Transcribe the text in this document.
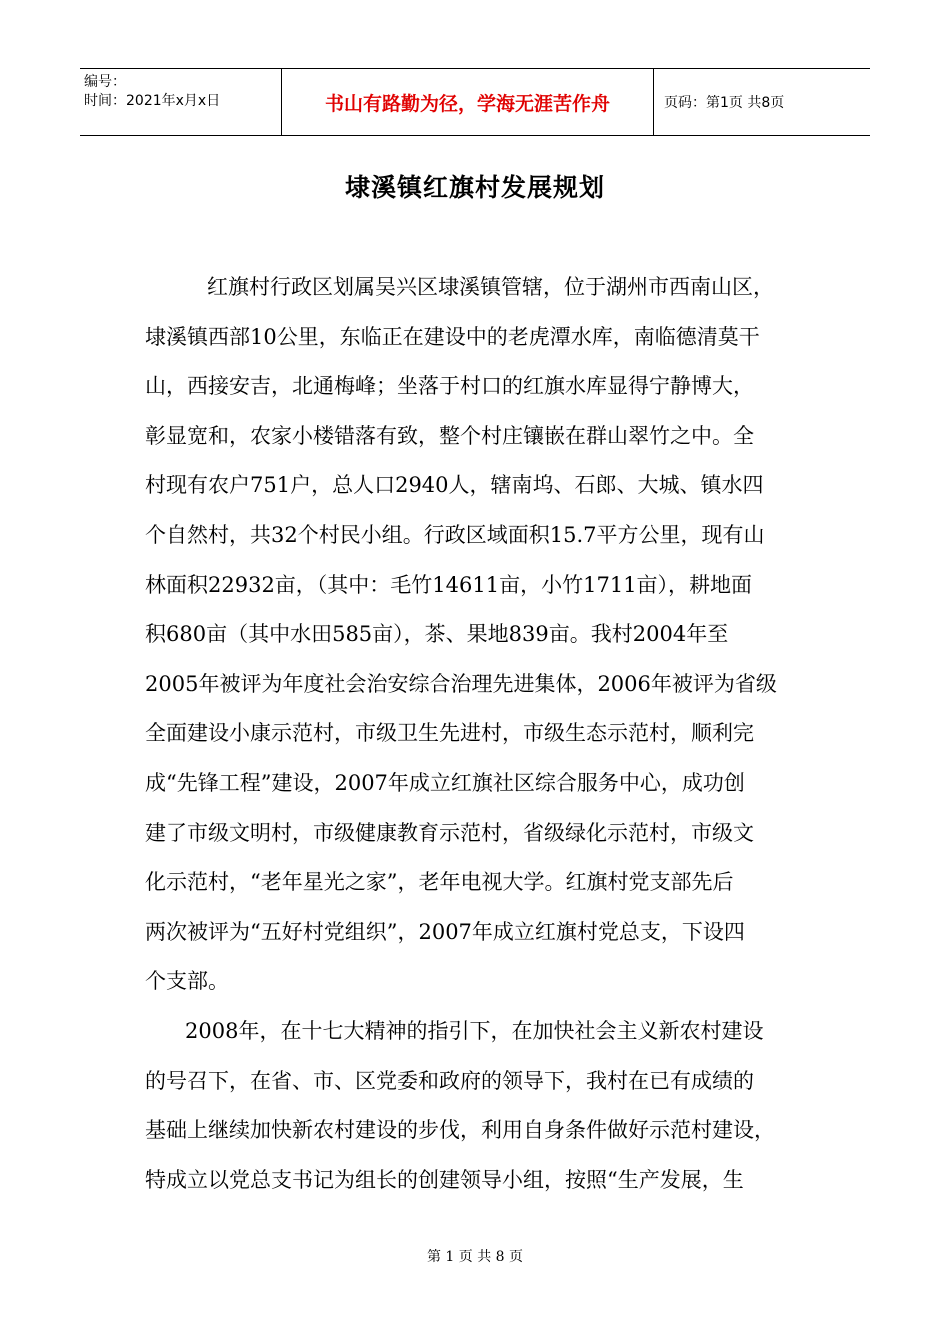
编号：
时间：2021年x月x日	书山有路勤为径，学海无涯苦作舟	页码：第1页 共8页
埭溪镇红旗村发展规划
红旗村行政区划属吴兴区埭溪镇管辖，位于湖州市西南山区，
埭溪镇西部10公里，东临正在建设中的老虎潭水库，南临德清莫干
山，西接安吉，北通梅峰；坐落于村口的红旗水库显得宁静博大，
彰显宽和，农家小楼错落有致，整个村庄镶嵌在群山翠竹之中。全
村现有农户751户，总人口2940人，辖南坞、石郎、大城、镇水四
个自然村，共32个村民小组。行政区域面积15.7平方公里，现有山
林面积22932亩，（其中：毛竹14611亩，小竹1711亩），耕地面
积680亩（其中水田585亩），茶、果地839亩。我村2004年至
2005年被评为年度社会治安综合治理先进集体，2006年被评为省级
全面建设小康示范村，市级卫生先进村，市级生态示范村，顺利完
成“先锋工程”建设，2007年成立红旗社区综合服务中心，成功创
建了市级文明村，市级健康教育示范村，省级绿化示范村，市级文
化示范村，“老年星光之家”，老年电视大学。红旗村党支部先后
两次被评为“五好村党组织”，2007年成立红旗村党总支，下设四
个支部。
2008年，在十七大精神的指引下，在加快社会主义新农村建设
的号召下，在省、市、区党委和政府的领导下，我村在已有成绩的
基础上继续加快新农村建设的步伐，利用自身条件做好示范村建设，
特成立以党总支书记为组长的创建领导小组，按照“生产发展，生
第 1 页 共 8 页
